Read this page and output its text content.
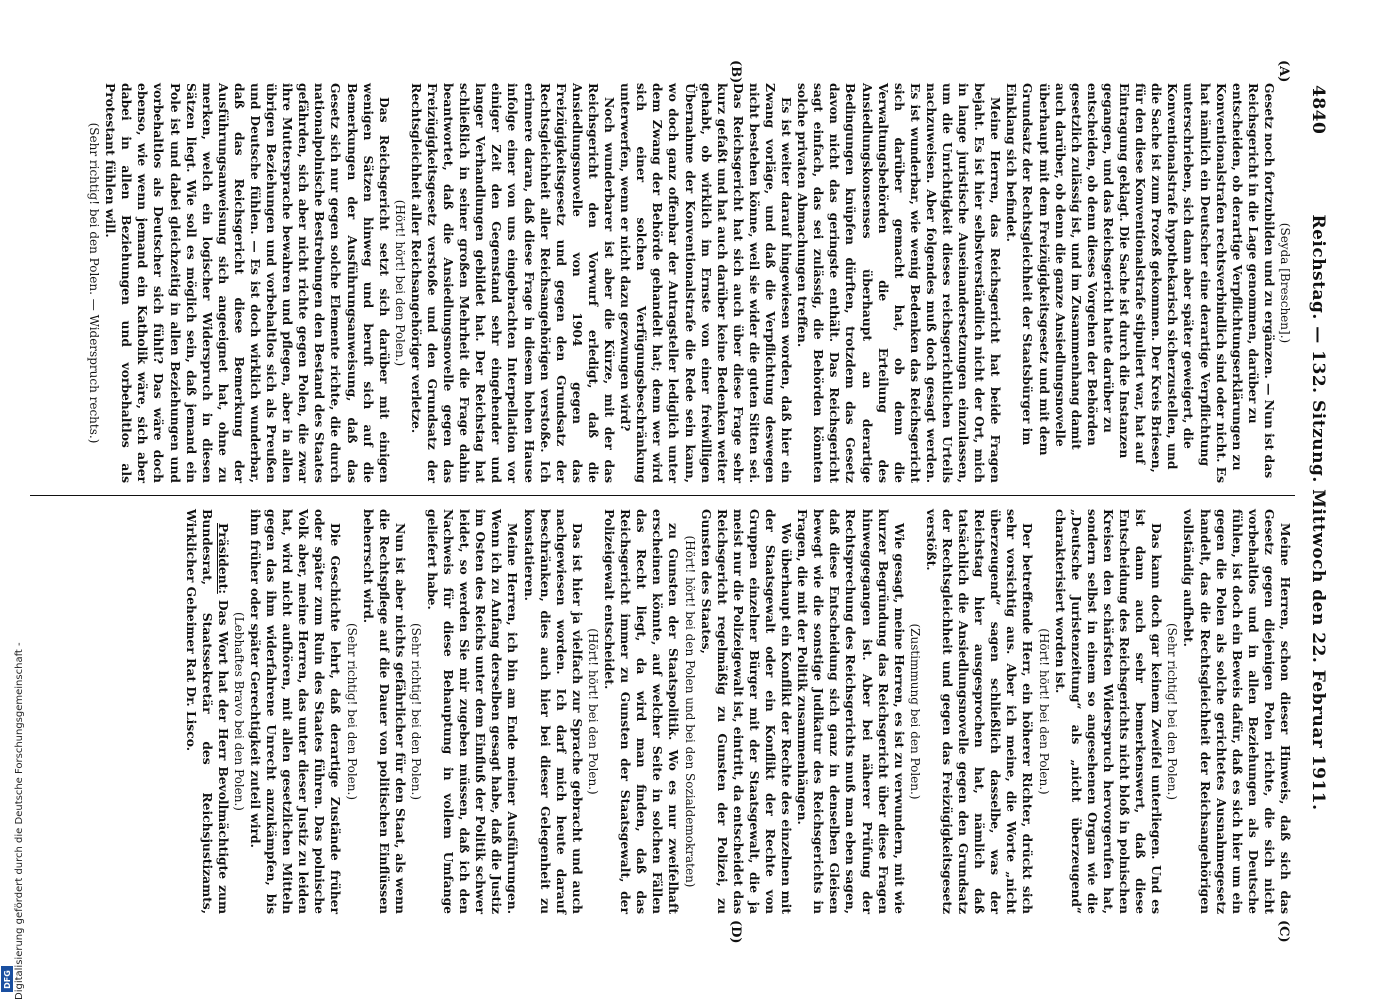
4840
Reichstag. — 132. Sitzung. Mittwoch den 22. Februar 1911.
(A)
(B)
(C)
(D)

(Seyda [Breschen].)

Gesetz noch fortzubilden und zu ergänzen. — Nun ist das Reichsgericht in die Lage genommen, darüber zu entscheiden, ob derartige Verpflichtungserklärungen zu Konventionalstrafen rechtsverbindlich sind oder nicht. Es hat nämlich ein Deutscher eine derartige Verpflichtung unterschrieben, sich dann aber später geweigert, die Konventionalstrafe hypothekarisch sicherzustellen, und die Sache ist zum Prozeß gekommen. Der Kreis Briesen, für den diese Konventionalstrafe stipuliert war, hat auf Eintragung geklagt. Die Sache ist durch die Instanzen gegangen, und das Reichsgericht hatte darüber zu entscheiden, ob denn dieses Vorgehen der Behörden gesetzlich zulässig ist, und im Zusammenhang damit auch darüber, ob denn die ganze Ansiedlungsnovelle überhaupt mit dem Freizügigkeitsgesetz und mit dem Grundsatz der Rechtsgleichheit der Staatsbürger im Einklang sich befindet.

Meine Herren, das Reichsgericht hat beide Fragen bejaht. Es ist hier selbstverständlich nicht der Ort, mich in lange juristische Auseinandersetzungen einzulassen, um die Unrichtigkeit dieses reichsgerichtlichen Urteils nachzuweisen. Aber folgendes muß doch gesagt werden. Es ist wunderbar, wie wenig Bedenken das Reichsgericht sich darüber gemacht hat, ob denn die Verwaltungsbehörden die Erteilung des Ansiedlungskonsenses überhaupt an derartige Bedingungen knüpfen dürften, trotzdem das Gesetz davon nicht das geringste enthält. Das Reichsgericht sagt einfach, das sei zulässig, die Behörden könnten solche privaten Abmachungen treffen.

Es ist weiter darauf hingewiesen worden, daß hier ein Zwang vorläge, und daß die Verpflichtung deswegen nicht bestehen könne, weil sie wider die guten Sitten sei. Das Reichsgericht hat sich auch über diese Frage sehr kurz gefaßt und hat auch darüber keine Bedenken weiter gehabt, ob wirklich im Ernste von einer freiwilligen Übernahme der Konventionalstrafe die Rede sein kann, wo doch ganz offenbar der Antragsteller lediglich unter dem Zwang der Behörde gehandelt hat; denn wer wird sich einer solchen Verfügungsbeschränkung unterwerfen, wenn er nicht dazu gezwungen wird?

Noch wunderbarer ist aber die Kürze, mit der das Reichsgericht den Vorwurf erledigt, daß die Ansiedlungsnovelle von 1904 gegen das Freizügigkeitsgesetz und gegen den Grundsatz der Rechtsgleichheit aller Reichsangehörigen verstoße. Ich erinnere daran, daß diese Frage in diesem hohen Hause infolge einer von uns eingebrachten Interpellation vor einiger Zeit den Gegenstand sehr eingehender und langer Verhandlungen gebildet hat. Der Reichstag hat schließlich in seiner großen Mehrheit die Frage dahin beantwortet, daß die Ansiedlungsnovelle gegen das Freizügigkeitsgesetz verstoße und den Grundsatz der Rechtsgleichheit aller Reichsangehöriger verletze.

(Hört! hört! bei den Polen.)

Das Reichsgericht setzt sich darüber mit einigen wenigen Sätzen hinweg und beruft sich auf die Bemerkungen der Ausführungsanweisung, daß das Gesetz sich nur gegen solche Elemente richte, die durch nationalpolnische Bestrebungen den Bestand des Staates gefährden, sich aber nicht richte gegen Polen, die zwar ihre Muttersprache bewahren und pflegen, aber in allen übrigen Beziehungen und vorbehaltlos sich als Preußen und Deutsche fühlen. — Es ist doch wirklich wunderbar, daß das Reichsgericht diese Bemerkung der Ausführungsanweisung sich angeeignet hat, ohne zu merken, welch ein logischer Widerspruch in diesen Sätzen liegt. Wie soll es möglich sein, daß jemand ein Pole ist und dabei gleichzeitig in allen Beziehungen und vorbehaltlos als Deutscher sich fühlt? Das wäre doch ebenso, wie wenn jemand ein Katholik wäre, sich aber dabei in allen Beziehungen und vorbehaltlos als Protestant fühlen will.

(Sehr richtig! bei den Polen. — Widerspruch rechts.)

Meine Herren, schon dieser Hinweis, daß sich das Gesetz gegen diejenigen Polen richte, die sich nicht vorbehaltlos und in allen Beziehungen als Deutsche fühlen, ist doch ein Beweis dafür, daß es sich hier um ein gegen die Polen als solche gerichtetes Ausnahmegesetz handelt, das die Rechtsgleichheit der Reichsangehörigen vollständig aufhebt.

(Sehr richtig! bei den Polen.)

Das kann doch gar keinem Zweifel unterliegen. Und es ist dann auch sehr bemerkenswert, daß diese Entscheidung des Reichsgerichts nicht bloß in polnischen Kreisen den schärfsten Widerspruch hervorgerufen hat, sondern selbst in einem so angesehenen Organ wie die „Deutsche Juristenzeitung“ als „nicht überzeugend“ charakterisiert worden ist.

(Hört! hört! bei den Polen.)

Der betreffende Herr, ein höherer Richter, drückt sich sehr vorsichtig aus. Aber ich meine, die Worte „nicht überzeugend“ sagen schließlich dasselbe, was der Reichstag hier ausgesprochen hat, nämlich daß tatsächlich die Ansiedlungsnovelle gegen den Grundsatz der Rechtsgleichheit und gegen das Freizügigkeitsgesetz verstößt.

(Zustimmung bei den Polen.)

Wie gesagt, meine Herren, es ist zu verwundern, mit wie kurzer Begründung das Reichsgericht über diese Fragen hinweggegangen ist. Aber bei näherer Prüfung der Rechtsprechung des Reichsgerichts muß man eben sagen, daß diese Entscheidung sich ganz in denselben Gleisen bewegt wie die sonstige Judikatur des Reichsgerichts in Fragen, die mit der Politik zusammenhängen.

Wo überhaupt ein Konflikt der Rechte des einzelnen mit der Staatsgewalt oder ein Konflikt der Rechte von Gruppen einzelner Bürger mit der Staatsgewalt, die ja meist nur die Polizeigewalt ist, eintritt, da entscheidet das Reichsgericht regelmäßig zu Gunsten der Polizei, zu Gunsten des Staates,

(Hört! hört! bei den Polen und bei den Sozialdemokraten)

zu Gunsten der Staatspolitik. Wo es nur zweifelhaft erscheinen könnte, auf welcher Seite in solchen Fällen das Recht liegt, da wird man finden, daß das Reichsgericht immer zu Gunsten der Staatsgewalt, der Polizeigewalt entscheidet.

(Hört! hört! bei den Polen.)

Das ist hier ja vielfach zur Sprache gebracht und auch nachgewiesen worden. Ich darf mich heute darauf beschränken, dies auch hier bei dieser Gelegenheit zu konstatieren.

Meine Herren, ich bin am Ende meiner Ausführungen. Wenn ich zu Anfang derselben gesagt habe, daß die Justiz im Osten des Reichs unter dem Einfluß der Politik schwer leidet, so werden Sie mir zugeben müssen, daß ich den Nachweis für diese Behauptung in vollem Umfange geliefert habe.

(Sehr richtig! bei den Polen.)

Nun ist aber nichts gefährlicher für den Staat, als wenn die Rechtspflege auf die Dauer von politischen Einflüssen beherrscht wird.

(Sehr richtig! bei den Polen.)

Die Geschichte lehrt, daß derartige Zustände früher oder später zum Ruin des Staates führen. Das polnische Volk aber, meine Herren, das unter dieser Justiz zu leiden hat, wird nicht aufhören, mit allen gesetzlichen Mitteln gegen das ihm widerfahrene Unrecht anzukämpfen, bis ihm früher oder später Gerechtigkeit zuteil wird.

(Lebhaftes Bravo bei den Polen.)

Präsident: Das Wort hat der Herr Bevollmächtigte zum Bundesrat, Staatssekretär des Reichsjustizamts, Wirklicher Geheimer Rat Dr. Lisco.

Digitalisierung gefördert durch die Deutsche Forschungsgemeinschaft -
DFG
